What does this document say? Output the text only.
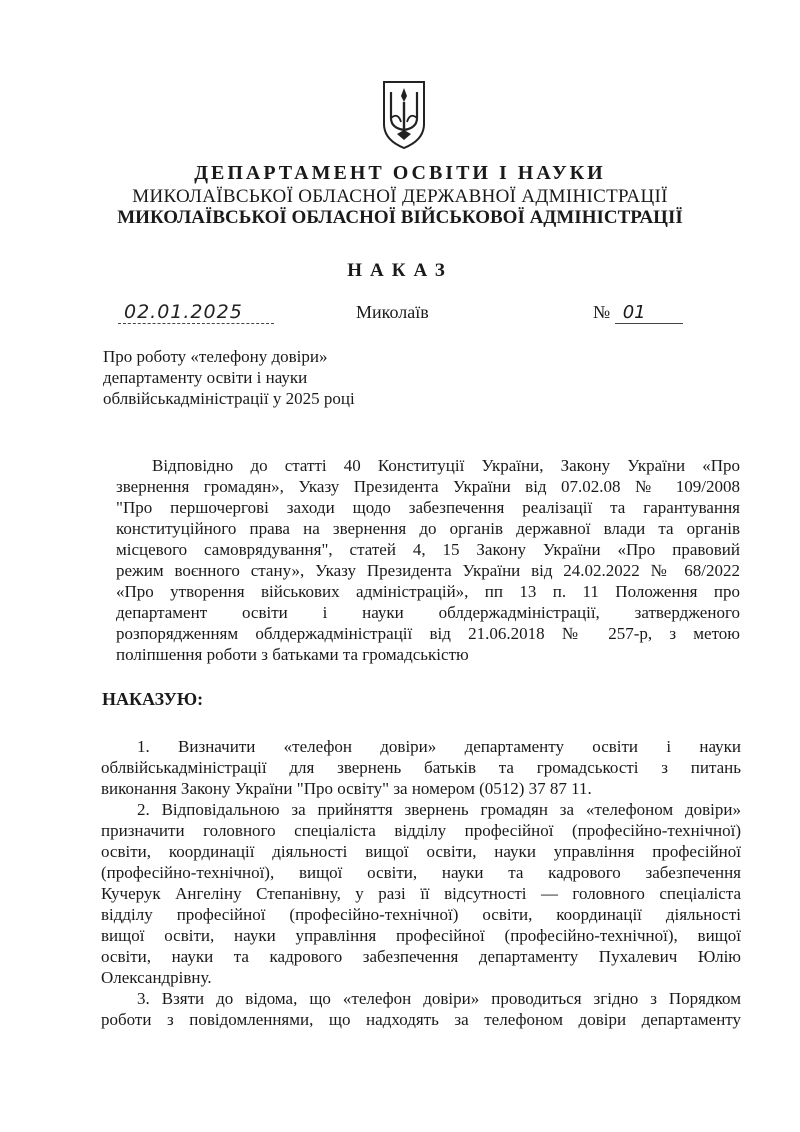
ДЕПАРТАМЕНТ ОСВІТИ І НАУКИ
МИКОЛАЇВСЬКОЇ ОБЛАСНОЇ ДЕРЖАВНОЇ АДМІНІСТРАЦІЇ
МИКОЛАЇВСЬКОЇ ОБЛАСНОЇ ВІЙСЬКОВОЇ АДМІНІСТРАЦІЇ
НАКАЗ
02.01.2025	Миколаїв	№ 01
Про роботу «телефону довіри»
департаменту освіти і науки
облвійськадміністрації у 2025 році
Відповідно до статті 40 Конституції України, Закону України «Про
звернення громадян», Указу Президента України від 07.02.08 № 109/2008
"Про першочергові заходи щодо забезпечення реалізації та гарантування
конституційного права на звернення до органів державної влади та органів
місцевого самоврядування", статей 4, 15 Закону України «Про правовий
режим воєнного стану», Указу Президента України від 24.02.2022 № 68/2022
«Про утворення військових адміністрацій», пп 13 п. 11 Положення про
департамент освіти і науки облдержадміністрації, затвердженого
розпорядженням облдержадміністрації від 21.06.2018 № 257-р, з метою
поліпшення роботи з батьками та громадськістю
НАКАЗУЮ:
1. Визначити «телефон довіри» департаменту освіти і науки
облвійськадміністрації для звернень батьків та громадськості з питань
виконання Закону України "Про освіту" за номером (0512) 37 87 11.
2. Відповідальною за прийняття звернень громадян за «телефоном довіри»
призначити головного спеціаліста відділу професійної (професійно-технічної)
освіти, координації діяльності вищої освіти, науки управління професійної
(професійно-технічної), вищої освіти, науки та кадрового забезпечення
Кучерук Ангеліну Степанівну, у разі її відсутності — головного спеціаліста
відділу професійної (професійно-технічної) освіти, координації діяльності
вищої освіти, науки управління професійної (професійно-технічної), вищої
освіти, науки та кадрового забезпечення департаменту Пухалевич Юлію
Олександрівну.
3. Взяти до відома, що «телефон довіри» проводиться згідно з Порядком
роботи з повідомленнями, що надходять за телефоном довіри департаменту
